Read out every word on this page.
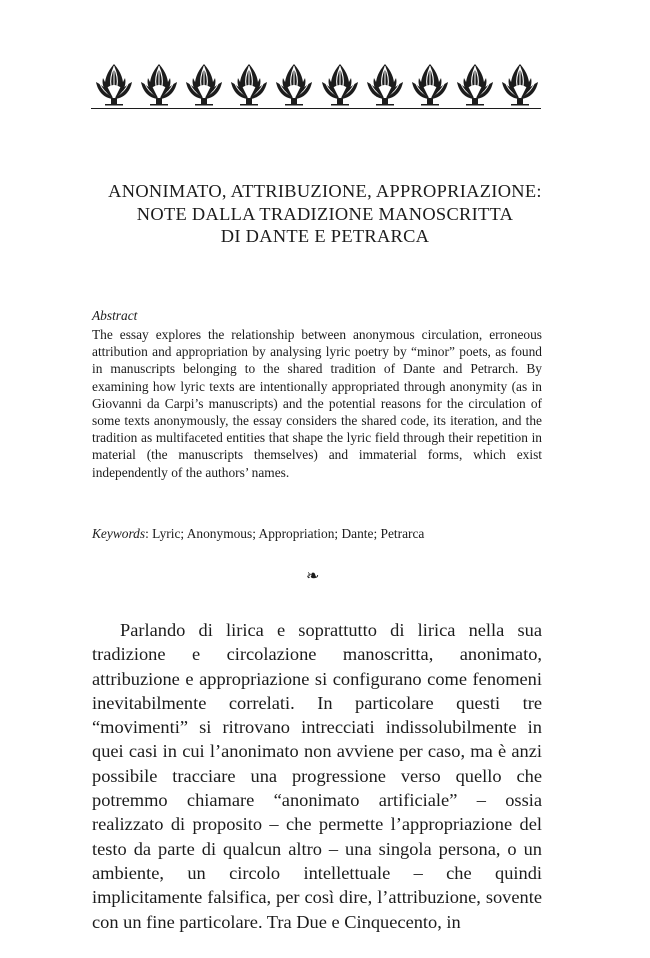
ANONIMATO, ATTRIBUZIONE, APPROPRIAZIONE:
NOTE DALLA TRADIZIONE MANOSCRITTA
DI DANTE E PETRARCA

Abstract

The essay explores the relationship between anonymous circulation, erroneous attribution and appropriation by analysing lyric poetry by “minor” poets, as found in manuscripts belonging to the shared tradition of Dante and Petrarch. By examining how lyric texts are intentionally appropriated through anonymity (as in Giovanni da Carpi’s manuscripts) and the potential reasons for the circulation of some texts anonymously, the essay considers the shared code, its iteration, and the tradition as multifaceted entities that shape the lyric field through their repetition in material (the manuscripts themselves) and immaterial forms, which exist independently of the authors’ names.

Keywords: Lyric; Anonymous; Appropriation; Dante; Petrarca

❧

Parlando di lirica e soprattutto di lirica nella sua tradizione e circolazione manoscritta, anonimato, attribuzione e appropriazione si configurano come fenomeni inevitabilmente correlati. In particolare questi tre “movimenti” si ritrovano intrecciati indissolubilmente in quei casi in cui l’anonimato non avviene per caso, ma è anzi possibile tracciare una progressione verso quello che potremmo chiamare “anonimato artificiale” – ossia realizzato di proposito – che permette l’appropriazione del testo da parte di qualcun altro – una singola persona, o un ambiente, un circolo intellettuale – che quindi implicitamente falsifica, per così dire, l’attribuzione, sovente con un fine particolare. Tra Due e Cinquecento, in
